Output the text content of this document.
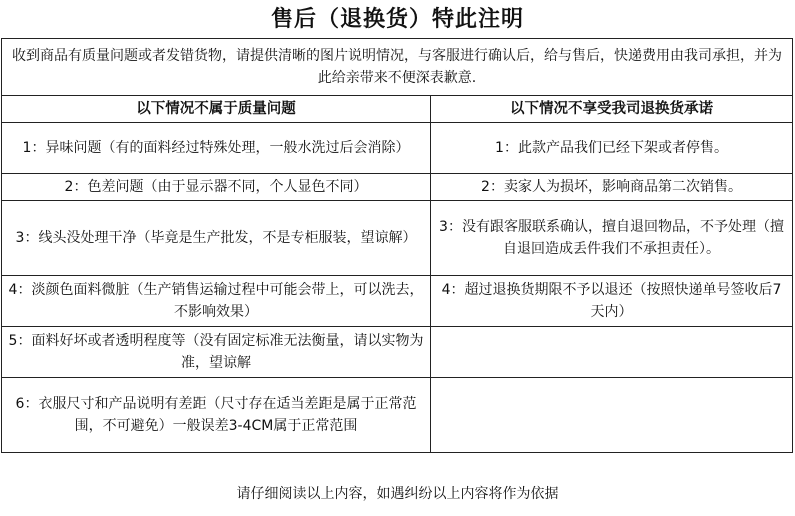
售后（退换货）特此注明
收到商品有质量问题或者发错货物，请提供清晰的图片说明情况，与客服进行确认后，给与售后，快递费用由我司承担，并为此给亲带来不便深表歉意.	
以下情况不属于质量问题	以下情况不享受我司退换货承诺
1：异味问题（有的面料经过特殊处理，一般水洗过后会消除）	1：此款产品我们已经下架或者停售。
2：色差问题（由于显示器不同，个人显色不同）	2：卖家人为损坏，影响商品第二次销售。
3：线头没处理干净（毕竟是生产批发，不是专柜服装，望谅解）	3：没有跟客服联系确认，擅自退回物品，不予处理（擅自退回造成丢件我们不承担责任）。
4：淡颜色面料微脏（生产销售运输过程中可能会带上，可以洗去，不影响效果）	4：超过退换货期限不予以退还（按照快递单号签收后7天内）
5：面料好坏或者透明程度等（没有固定标准无法衡量，请以实物为准，望谅解	
6：衣服尺寸和产品说明有差距（尺寸存在适当差距是属于正常范围，不可避免）一般误差3-4CM属于正常范围	
请仔细阅读以上内容，如遇纠纷以上内容将作为依据
